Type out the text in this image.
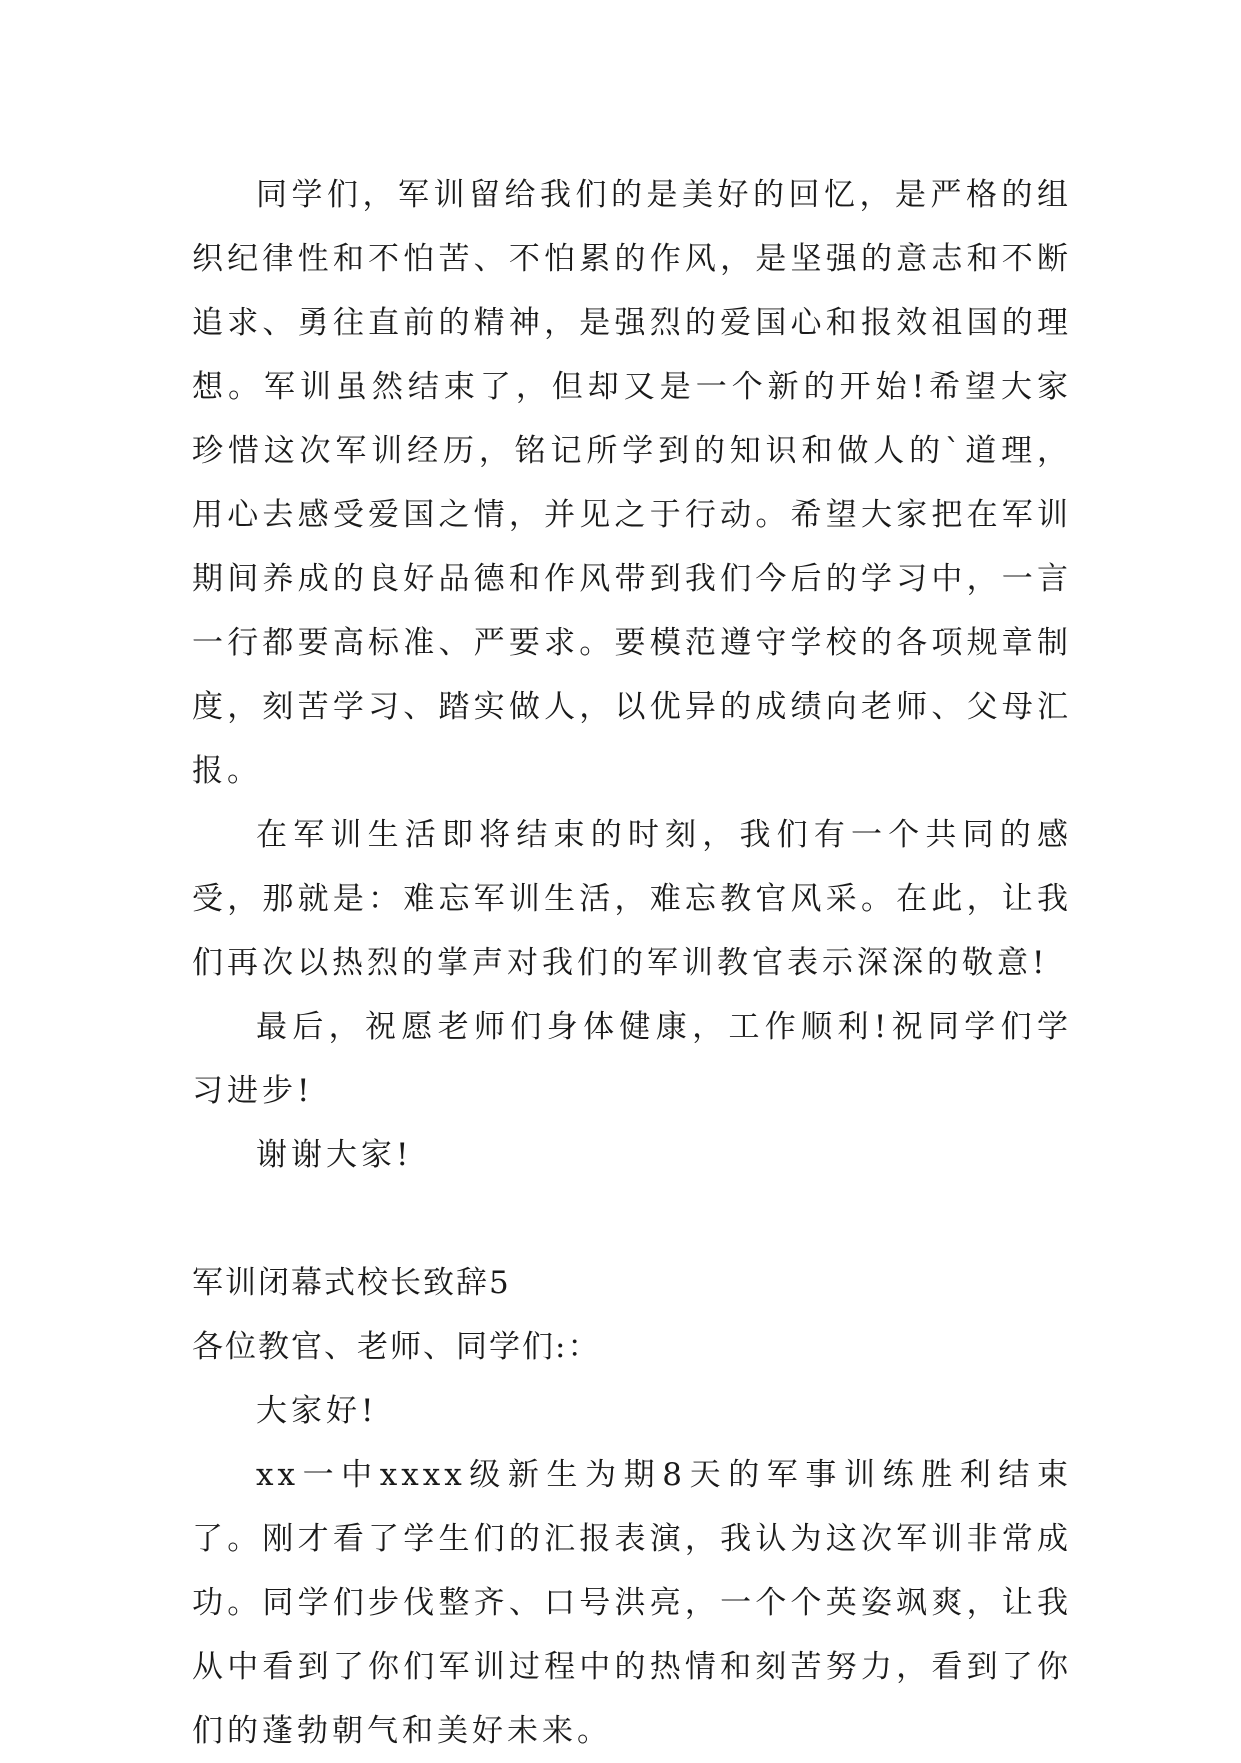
同学们，军训留给我们的是美好的回忆，是严格的组织纪律性和不怕苦、不怕累的作风，是坚强的意志和不断追求、勇往直前的精神，是强烈的爱国心和报效祖国的理想。军训虽然结束了，但却又是一个新的开始!希望大家珍惜这次军训经历，铭记所学到的知识和做人的`道理，用心去感受爱国之情，并见之于行动。希望大家把在军训期间养成的良好品德和作风带到我们今后的学习中，一言一行都要高标准、严要求。要模范遵守学校的各项规章制度，刻苦学习、踏实做人，以优异的成绩向老师、父母汇报。

在军训生活即将结束的时刻，我们有一个共同的感受，那就是：难忘军训生活，难忘教官风采。在此，让我们再次以热烈的掌声对我们的军训教官表示深深的敬意!

最后，祝愿老师们身体健康，工作顺利!祝同学们学习进步!

谢谢大家!

军训闭幕式校长致辞5

各位教官、老师、同学们:：

大家好!

xx一中xxxx级新生为期8天的军事训练胜利结束了。刚才看了学生们的汇报表演，我认为这次军训非常成功。同学们步伐整齐、口号洪亮，一个个英姿飒爽，让我从中看到了你们军训过程中的热情和刻苦努力，看到了你们的蓬勃朝气和美好未来。
